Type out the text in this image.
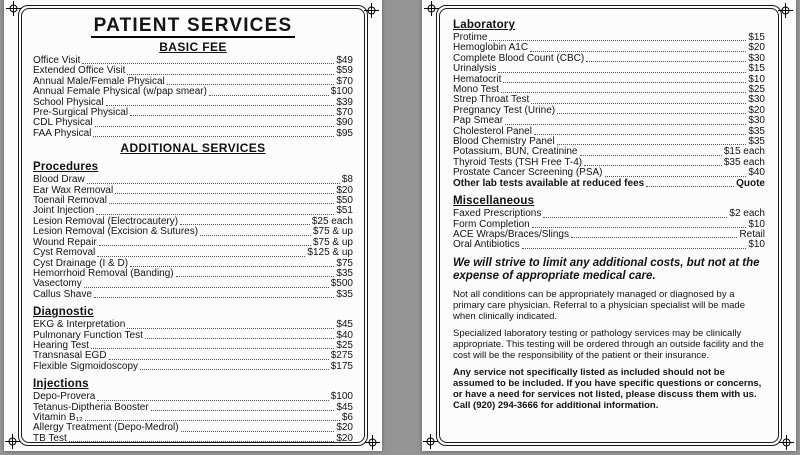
PATIENT SERVICES
BASIC FEE
Office Visit	$49
Extended Office Visit	$59
Annual Male/Female Physical	$70
Annual Female Physical (w/pap smear)	$100
School Physical	$39
Pre-Surgical Physical	$70
CDL Physical	$90
FAA Physical	$95
ADDITIONAL SERVICES
Procedures
Blood Draw	$8
Ear Wax Removal	$20
Toenail Removal	$50
Joint Injection	$51
Lesion Removal (Electrocautery)	$25 each
Lesion Removal (Excision & Sutures)	$75 & up
Wound Repair	$75 & up
Cyst Removal	$125 & up
Cyst Drainage (I & D)	$75
Hemorrhoid Removal (Banding)	$35
Vasectomy	$500
Callus Shave	$35
Diagnostic
EKG & Interpretation	$45
Pulmonary Function Test	$40
Hearing Test	$25
Transnasal EGD	$275
Flexible Sigmoidoscopy	$175
Injections
Depo-Provera	$100
Tetanus-Diptheria Booster	$45
Vitamin B₁₂	$6
Allergy Treatment (Depo-Medrol)	$20
TB Test	$20
Laboratory
Protime	$15
Hemoglobin A1C	$20
Complete Blood Count (CBC)	$30
Urinalysis	$15
Hematocrit	$10
Mono Test	$25
Strep Throat Test	$30
Pregnancy Test (Urine)	$20
Pap Smear	$30
Cholesterol Panel	$35
Blood Chemistry Panel	$35
Potassium, BUN, Creatinine	$15 each
Thyroid Tests (TSH Free T-4)	$35 each
Prostate Cancer Screening (PSA)	$40
Other lab tests available at reduced fees	Quote
Miscellaneous
Faxed Prescriptions	$2 each
Form Completion	$10
ACE Wraps/Braces/Slings	Retail
Oral Antibiotics	$10
We will strive to limit any additional costs, but not at the expense of appropriate medical care.
Not all conditions can be appropriately managed or diagnosed by a primary care physician. Referral to a physician specialist will be made when clinically indicated.
Specialized laboratory testing or pathology services may be clinically appropriate. This testing will be ordered through an outside facility and the cost will be the responsibility of the patient or their insurance.
Any service not specifically listed as included should not be assumed to be included. If you have specific questions or concerns, or have a need for services not listed, please discuss them with us. Call (920) 294-3666 for additional information.
